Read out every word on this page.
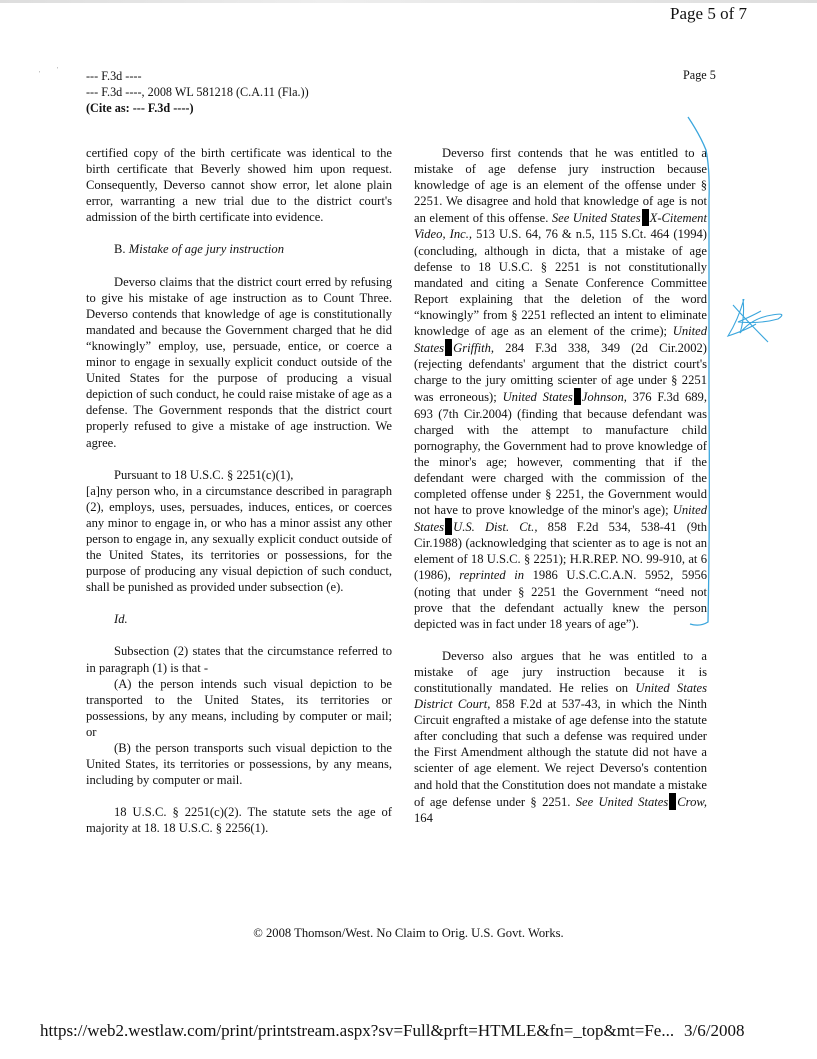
Page 5 of 7
' ' --- F.3d ----
--- F.3d ----, 2008 WL 581218 (C.A.11 (Fla.))
(Cite as: --- F.3d ----)
Page 5

certified copy of the birth certificate was identical to the birth certificate that Beverly showed him upon request. Consequently, Deverso cannot show error, let alone plain error, warranting a new trial due to the district court's admission of the birth certificate into evidence.

B. Mistake of age jury instruction

Deverso claims that the district court erred by refusing to give his mistake of age instruction as to Count Three. Deverso contends that knowledge of age is constitutionally mandated and because the Government charged that he did “knowingly” employ, use, persuade, entice, or coerce a minor to engage in sexually explicit conduct outside of the United States for the purpose of producing a visual depiction of such conduct, he could raise mistake of age as a defense. The Government responds that the district court properly refused to give a mistake of age instruction. We agree.

Pursuant to 18 U.S.C. § 2251(c)(1),

[a]ny person who, in a circumstance described in paragraph (2), employs, uses, persuades, induces, entices, or coerces any minor to engage in, or who has a minor assist any other person to engage in, any sexually explicit conduct outside of the United States, its territories or possessions, for the purpose of producing any visual depiction of such conduct, shall be punished as provided under subsection (e).

Id.

Subsection (2) states that the circumstance referred to in paragraph (1) is that -

(A) the person intends such visual depiction to be transported to the United States, its territories or possessions, by any means, including by computer or mail; or

(B) the person transports such visual depiction to the United States, its territories or possessions, by any means, including by computer or mail.

18 U.S.C. § 2251(c)(2). The statute sets the age of majority at 18. 18 U.S.C. § 2256(1).

Deverso first contends that he was entitled to a mistake of age defense jury instruction because knowledge of age is an element of the offense under § 2251. We disagree and hold that knowledge of age is not an element of this offense. See United States X-Citement Video, Inc., 513 U.S. 64, 76 & n.5, 115 S.Ct. 464 (1994) (concluding, although in dicta, that a mistake of age defense to 18 U.S.C. § 2251 is not constitutionally mandated and citing a Senate Conference Committee Report explaining that the deletion of the word “knowingly” from § 2251 reflected an intent to eliminate knowledge of age as an element of the crime); United States Griffith, 284 F.3d 338, 349 (2d Cir.2002) (rejecting defendants' argument that the district court's charge to the jury omitting scienter of age under § 2251 was erroneous); United States Johnson, 376 F.3d 689, 693 (7th Cir.2004) (finding that because defendant was charged with the attempt to manufacture child pornography, the Government had to prove knowledge of the minor's age; however, commenting that if the defendant were charged with the commission of the completed offense under § 2251, the Government would not have to prove knowledge of the minor's age); United States U.S. Dist. Ct., 858 F.2d 534, 538-41 (9th Cir.1988) (acknowledging that scienter as to age is not an element of 18 U.S.C. § 2251); H.R.REP. NO. 99-910, at 6 (1986), reprinted in 1986 U.S.C.C.A.N. 5952, 5956 (noting that under § 2251 the Government “need not prove that the defendant actually knew the person depicted was in fact under 18 years of age”).

Deverso also argues that he was entitled to a mistake of age jury instruction because it is constitutionally mandated. He relies on United States District Court, 858 F.2d at 537-43, in which the Ninth Circuit engrafted a mistake of age defense into the statute after concluding that such a defense was required under the First Amendment although the statute did not have a scienter of age element. We reject Deverso's contention and hold that the Constitution does not mandate a mistake of age defense under § 2251. See United States Crow, 164

© 2008 Thomson/West. No Claim to Orig. U.S. Govt. Works.
https://web2.westlaw.com/print/printstream.aspx?sv=Full&prft=HTMLE&fn=_top&mt=Fe... 3/6/2008
